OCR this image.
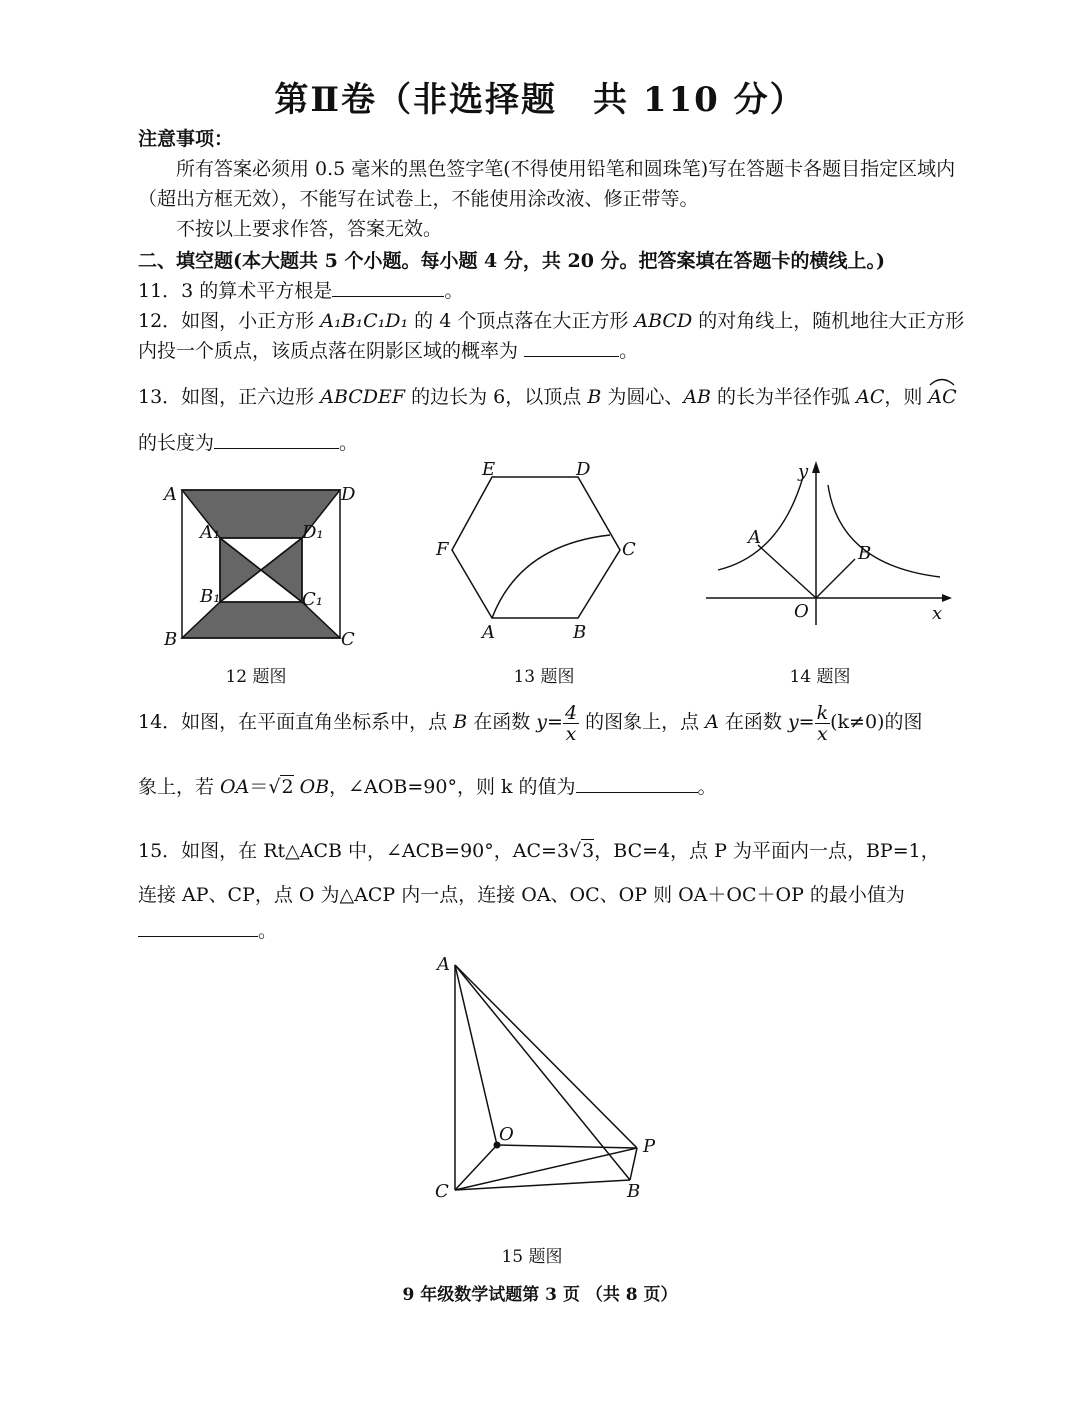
第Ⅱ卷（非选择题　共 110 分）
注意事项：
所有答案必须用 0.5 毫米的黑色签字笔(不得使用铅笔和圆珠笔)写在答题卡各题目指定区域内（超出方框无效），不能写在试卷上，不能使用涂改液、修正带等。
不按以上要求作答，答案无效。
二、填空题(本大题共 5 个小题。每小题 4 分，共 20 分。把答案填在答题卡的横线上。)
11．3 的算术平方根是	。
12．如图，小正方形 A₁B₁C₁D₁ 的 4 个顶点落在大正方形 ABCD 的对角线上，随机地往大正方形内投一个质点，该质点落在阴影区域的概率为	。
13．如图，正六边形 ABCDEF 的边长为 6，以顶点 B 为圆心、AB 的长为半径作弧 AC，则 AC
的长度为	。
A	D
A₁	D₁
B₁	C₁
B	C
12 题图
E	D
F	C
A	B
13 题图
y
A
B
O	x
14 题图
14．如图，在平面直角坐标系中，点 B 在函数 $y= \frac{4}{x}$ 的图象上，点 A 在函数 $y= \frac{k}{x} (k\ne 0)$的图
象上，若 OA＝√2 OB，∠AOB=90°，则 k 的值为	。
15．如图，在 Rt△ACB 中，∠ACB=90°，AC=3√3，BC=4，点 P 为平面内一点，BP=1，
连接 AP、CP，点 O 为△ACP 内一点，连接 OA、OC、OP 则 OA＋OC＋OP 的最小值为
。
A
O
P
C	B
15 题图
9 年级数学试题第 3 页 （共 8 页）
